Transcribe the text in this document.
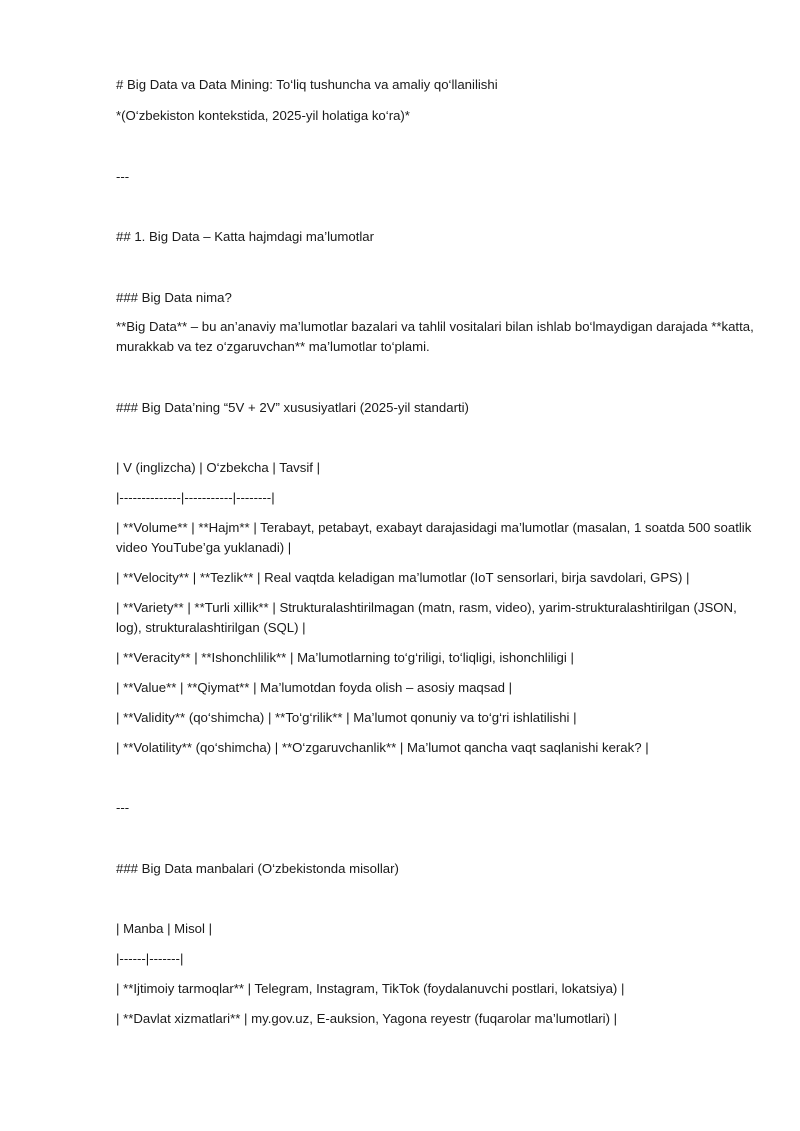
# Big Data va Data Mining: To‘liq tushuncha va amaliy qo‘llanilishi

*(O‘zbekiston kontekstida, 2025-yil holatiga ko‘ra)*

---

## 1. Big Data – Katta hajmdagi ma’lumotlar

### Big Data nima?

**Big Data** – bu an’anaviy ma’lumotlar bazalari va tahlil vositalari bilan ishlab bo‘lmaydigan darajada **katta, murakkab va tez o‘zgaruvchan** ma’lumotlar to‘plami.

### Big Data’ning “5V + 2V” xususiyatlari (2025-yil standarti)

| V (inglizcha) | O‘zbekcha | Tavsif |

|--------------|-----------|--------|

| **Volume** | **Hajm** | Terabayt, petabayt, exabayt darajasidagi ma’lumotlar (masalan, 1 soatda 500 soatlik video YouTube’ga yuklanadi) |

| **Velocity** | **Tezlik** | Real vaqtda keladigan ma’lumotlar (IoT sensorlari, birja savdolari, GPS) |

| **Variety** | **Turli xillik** | Strukturalashtirilmagan (matn, rasm, video), yarim-strukturalashtirilgan (JSON, log), strukturalashtirilgan (SQL) |

| **Veracity** | **Ishonchlilik** | Ma’lumotlarning to‘g‘riligi, to‘liqligi, ishonchliligi |

| **Value** | **Qiymat** | Ma’lumotdan foyda olish – asosiy maqsad |

| **Validity** (qo‘shimcha) | **To‘g‘rilik** | Ma’lumot qonuniy va to‘g‘ri ishlatilishi |

| **Volatility** (qo‘shimcha) | **O‘zgaruvchanlik** | Ma’lumot qancha vaqt saqlanishi kerak? |

---

### Big Data manbalari (O‘zbekistonda misollar)

| Manba | Misol |

|------|-------|

| **Ijtimoiy tarmoqlar** | Telegram, Instagram, TikTok (foydalanuvchi postlari, lokatsiya) |

| **Davlat xizmatlari** | my.gov.uz, E-auksion, Yagona reyestr (fuqarolar ma’lumotlari) |
